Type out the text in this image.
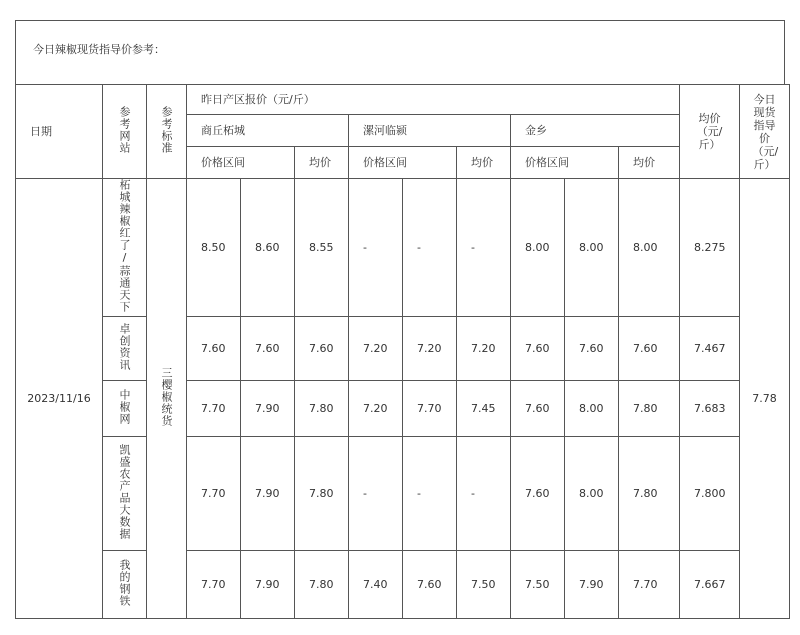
今日辣椒现货指导价参考：
日期	参考网站	参考标准	昨日产区报价（元/斤）									均价（元/斤）	今日现货指导价（元/斤）
			商丘柘城			漯河临颍			金乡				
			价格区间		均价	价格区间		均价	价格区间		均价		
2023/11/16	柘城辣椒红了/蒜通天下	三樱椒统货	8.50	8.60	8.55	-	-	-	8.00	8.00	8.00	8.275	7.78
	卓创资讯		7.60	7.60	7.60	7.20	7.20	7.20	7.60	7.60	7.60	7.467	
	中椒网		7.70	7.90	7.80	7.20	7.70	7.45	7.60	8.00	7.80	7.683	
	凯盛农产品大数据		7.70	7.90	7.80	-	-	-	7.60	8.00	7.80	7.800	
	我的钢铁		7.70	7.90	7.80	7.40	7.60	7.50	7.50	7.90	7.70	7.667	
